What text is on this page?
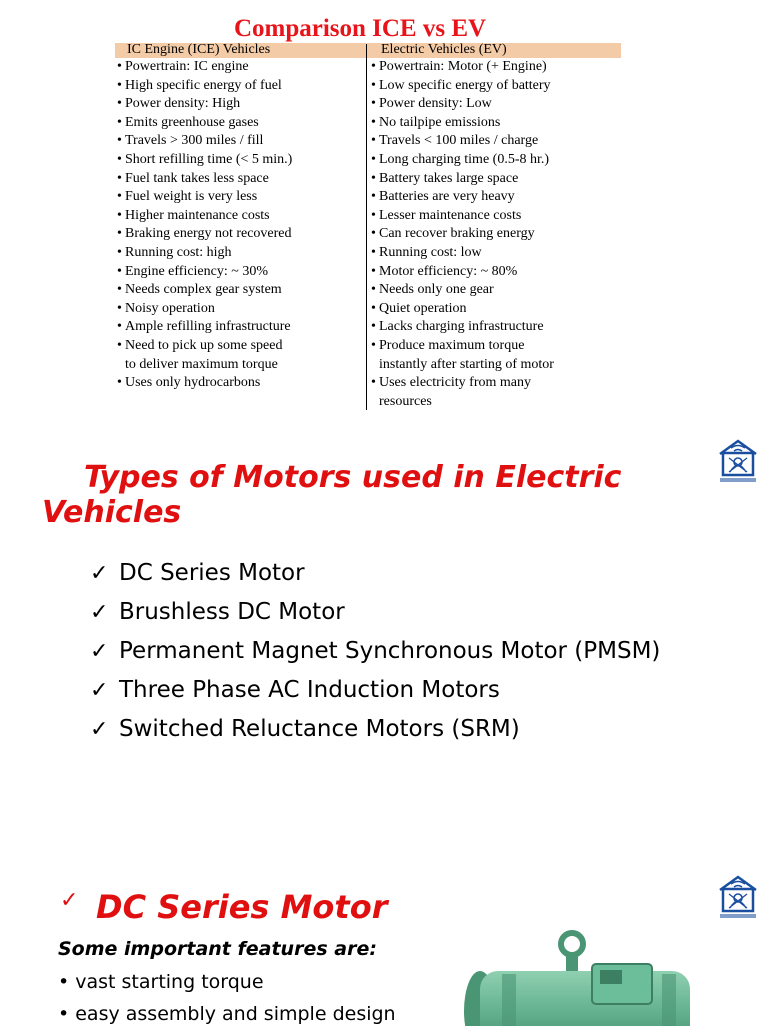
Comparison ICE vs EV
IC Engine (ICE) Vehicles
• Powertrain: IC engine
• High specific energy of fuel
• Power density: High
• Emits greenhouse gases
• Travels > 300 miles / fill
• Short refilling time (< 5 min.)
• Fuel tank takes less space
• Fuel weight is very less
• Higher maintenance costs
• Braking energy not recovered
• Running cost: high
• Engine efficiency: ~ 30%
• Needs complex gear system
• Noisy operation
• Ample refilling infrastructure
• Need to pick up some speed
to deliver maximum torque
• Uses only hydrocarbons
Electric Vehicles (EV)
• Powertrain: Motor (+ Engine)
• Low specific energy of battery
• Power density: Low
• No tailpipe emissions
• Travels < 100 miles / charge
• Long charging time (0.5-8 hr.)
• Battery takes large space
• Batteries are very heavy
• Lesser maintenance costs
• Can recover braking energy
• Running cost: low
• Motor efficiency: ~ 80%
• Needs only one gear
• Quiet operation
• Lacks charging infrastructure
• Produce maximum torque
instantly after starting of motor
• Uses electricity from many
resources
Types of Motors used in Electric
Vehicles
✓ DC Series Motor
✓ Brushless DC Motor
✓ Permanent Magnet Synchronous Motor (PMSM)
✓ Three Phase AC Induction Motors
✓ Switched Reluctance Motors (SRM)
✓ DC Series Motor
Some important features are:
• vast starting torque
• easy assembly and simple design
